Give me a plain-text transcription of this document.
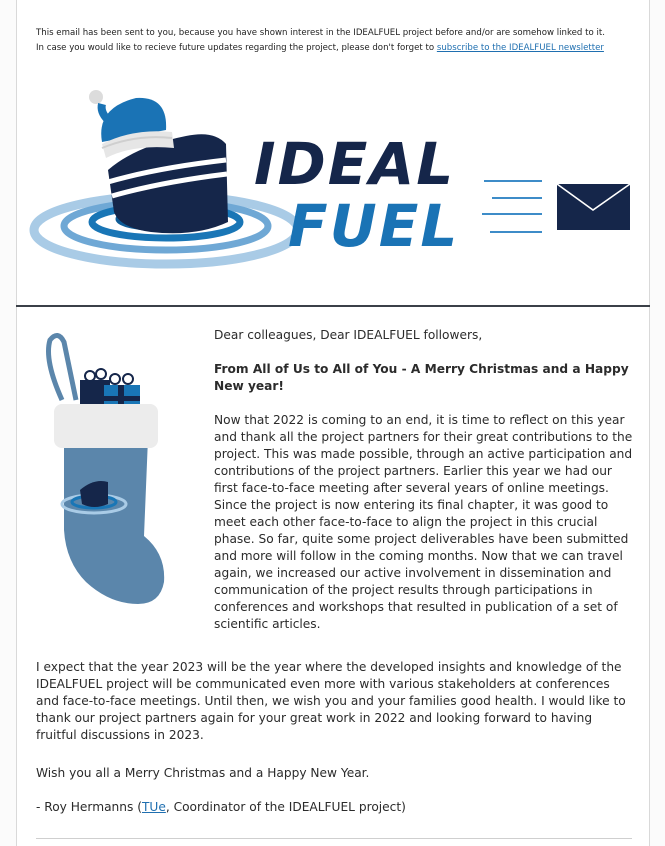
This email has been sent to you, because you have shown interest in the IDEALFUEL project before and/or are somehow linked to it.
In case you would like to recieve future updates regarding the project, please don't forget to subscribe to the IDEALFUEL newsletter
IDEAL
FUEL

Dear colleagues, Dear IDEALFUEL followers,

From All of Us to All of You - A Merry Christmas and a Happy New year!

Now that 2022 is coming to an end, it is time to reflect on this year and thank all the project partners for their great contributions to the project. This was made possible, through an active participation and contributions of the project partners. Earlier this year we had our first face-to-face meeting after several years of online meetings. Since the project is now entering its final chapter, it was good to meet each other face-to-face to align the project in this crucial phase. So far, quite some project deliverables have been submitted and more will follow in the coming months. Now that we can travel again, we increased our active involvement in dissemination and communication of the project results through participations in conferences and workshops that resulted in publication of a set of scientific articles.

I expect that the year 2023 will be the year where the developed insights and knowledge of the IDEALFUEL project will be communicated even more with various stakeholders at conferences and face-to-face meetings. Until then, we wish you and your families good health. I would like to thank our project partners again for your great work in 2022 and looking forward to having fruitful discussions in 2023.

Wish you all a Merry Christmas and a Happy New Year.

- Roy Hermanns (TUe, Coordinator of the IDEALFUEL project)
